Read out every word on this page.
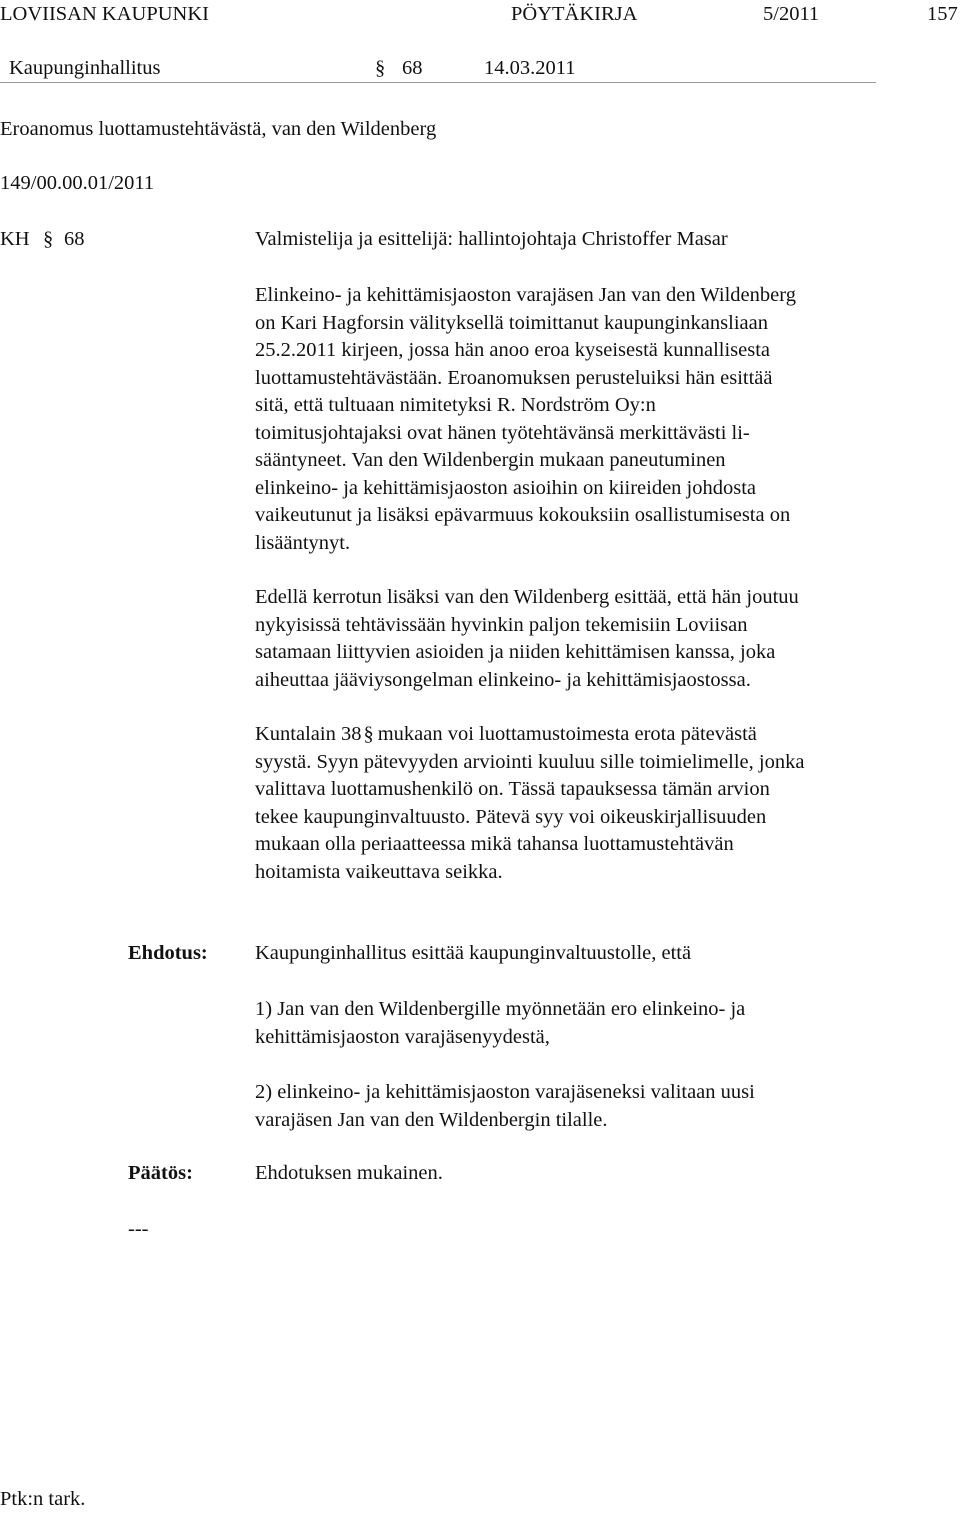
LOVIISAN KAUPUNKI	PÖYTÄKIRJA	5/2011	157
Kaupunginhallitus	§ 68	14.03.2011
Eroanomus luottamustehtävästä, van den Wildenberg
149/00.00.01/2011
KH § 68	Valmistelija ja esittelijä: hallintojohtaja Christoffer Masar

Elinkeino- ja kehittämisjaoston varajäsen Jan van den Wildenberg

on Kari Hagforsin välityksellä toimittanut kaupunginkansliaan

25.2.2011 kirjeen, jossa hän anoo eroa kyseisestä kunnallisesta

luottamustehtävästään. Eroanomuksen perusteluiksi hän esittää

sitä, että tultuaan nimitetyksi R. Nordström Oy:n

toimitusjohtajaksi ovat hänen työtehtävänsä merkittävästi li-

sääntyneet. Van den Wildenbergin mukaan paneutuminen

elinkeino- ja kehittämisjaoston asioihin on kiireiden johdosta

vaikeutunut ja lisäksi epävarmuus kokouksiin osallistumisesta on

lisääntynyt.

Edellä kerrotun lisäksi van den Wildenberg esittää, että hän joutuu

nykyisissä tehtävissään hyvinkin paljon tekemisiin Loviisan

satamaan liittyvien asioiden ja niiden kehittämisen kanssa, joka

aiheuttaa jääviysongelman elinkeino- ja kehittämisjaostossa.

Kuntalain 38§ mukaan voi luottamustoimesta erota pätevästä

syystä. Syyn pätevyyden arviointi kuuluu sille toimielimelle, jonka

valittava luottamushenkilö on. Tässä tapauksessa tämän arvion

tekee kaupunginvaltuusto. Pätevä syy voi oikeuskirjallisuuden

mukaan olla periaatteessa mikä tahansa luottamustehtävän

hoitamista vaikeuttava seikka.

Ehdotus: Kaupunginhallitus esittää kaupunginvaltuustolle, että

1) Jan van den Wildenbergille myönnetään ero elinkeino- ja

kehittämisjaoston varajäsenyydestä,

2) elinkeino- ja kehittämisjaoston varajäseneksi valitaan uusi

varajäsen Jan van den Wildenbergin tilalle.

Päätös:	Ehdotuksen mukainen.
---
Ptk:n tark.
